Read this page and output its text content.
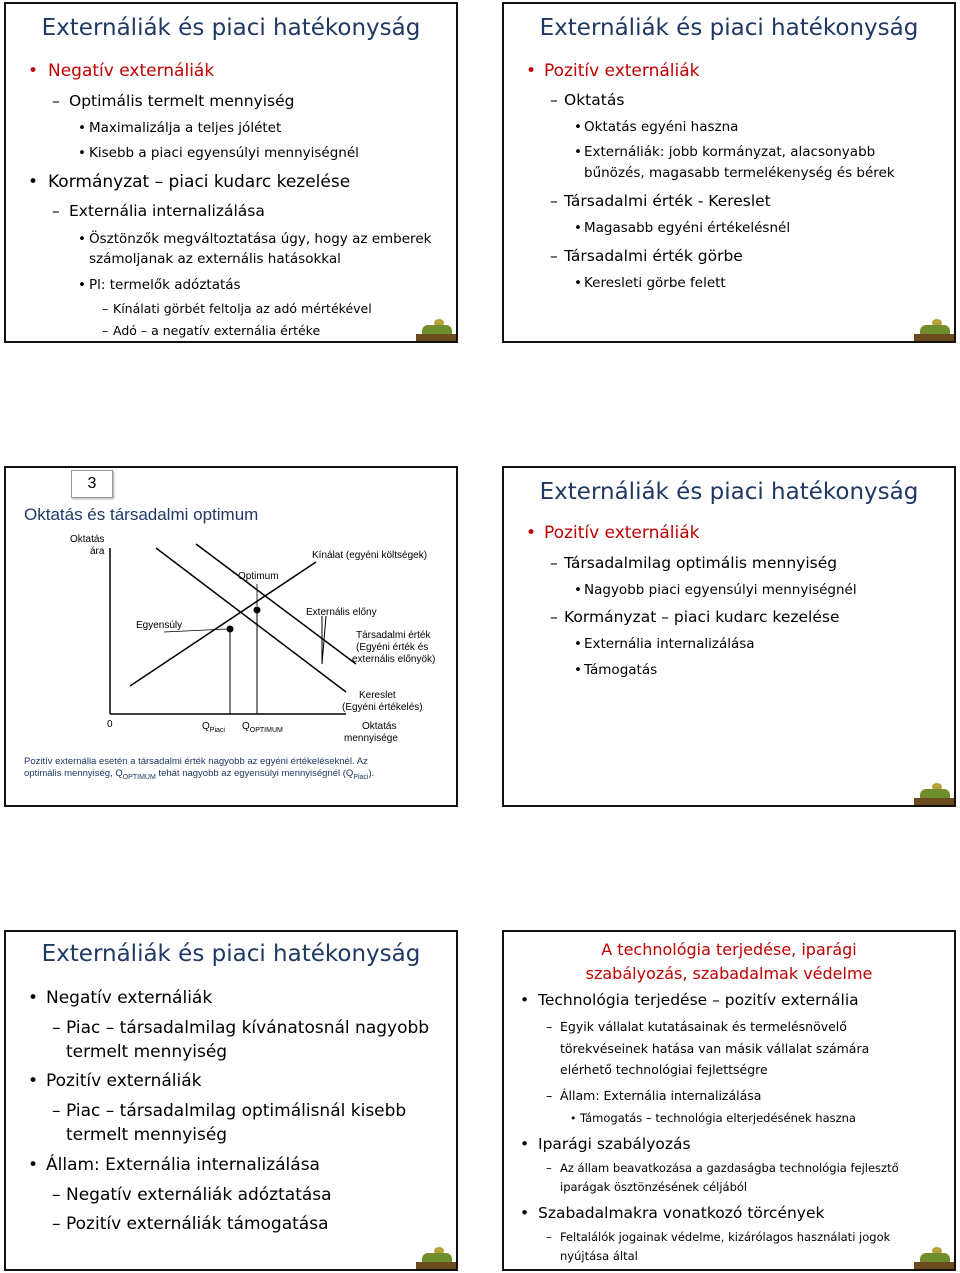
Externáliák és piaci hatékonyság
• Negatív externáliák
– Optimális termelt mennyiség
• Maximalizálja a teljes jólétet
• Kisebb a piaci egyensúlyi mennyiségnél
• Kormányzat – piaci kudarc kezelése
– Externália internalizálása
• Ösztönzők megváltoztatása úgy, hogy az emberek
számoljanak az externális hatásokkal
• Pl: termelők adóztatás
– Kínálati görbét feltolja az adó mértékével
– Adó – a negatív externália értéke
Externáliák és piaci hatékonyság
• Pozitív externáliák
– Oktatás
• Oktatás egyéni haszna
• Externáliák: jobb kormányzat, alacsonyabb
bűnözés, magasabb termelékenység és bérek
– Társadalmi érték - Kereslet
• Magasabb egyéni értékelésnél
– Társadalmi érték görbe
• Keresleti görbe felett
3
Oktatás és társadalmi optimum
Oktatás
ára
Optimum
Kínálat (egyéni költségek)
Egyensúly
Externális előny
Társadalmi érték
(Egyéni érték és
externális előnyök)
Kereslet
(Egyéni értékelés)
0	$Q_{Piaci}$ $Q_{OPTIMUM}$	Oktatás
mennyisége
Pozitív externália esetén a társadalmi érték nagyobb az egyéni értékeléseknél. Az
optimális mennyiség, $Q_{OPTIMUM}$ tehát nagyobb az egyensúlyi mennyiségnél $(Q_{Piaci})$.
Externáliák és piaci hatékonyság
• Pozitív externáliák
– Társadalmilag optimális mennyiség
• Nagyobb piaci egyensúlyi mennyiségnél
– Kormányzat – piaci kudarc kezelése
• Externália internalizálása
• Támogatás
Externáliák és piaci hatékonyság
• Negatív externáliák
– Piac – társadalmilag kívánatosnál nagyobb
termelt mennyiség
• Pozitív externáliák
– Piac – társadalmilag optimálisnál kisebb
termelt mennyiség
• Állam: Externália internalizálása
– Negatív externáliák adóztatása
– Pozitív externáliák támogatása
A technológia terjedése, iparági
szabályozás, szabadalmak védelme
• Technológia terjedése – pozitív externália
– Egyik vállalat kutatásainak és termelésnövelő
törekvéseinek hatása van másik vállalat számára
elérhető technológiai fejlettségre
– Állam: Externália internalizálása
• Támogatás – technológia elterjedésének haszna
• Iparági szabályozás
– Az állam beavatkozása a gazdaságba technológia fejlesztő
iparágak ösztönzésének céljából
• Szabadalmakra vonatkozó törcények
– Feltalálók jogainak védelme, kizárólagos használati jogok
nyújtása által
